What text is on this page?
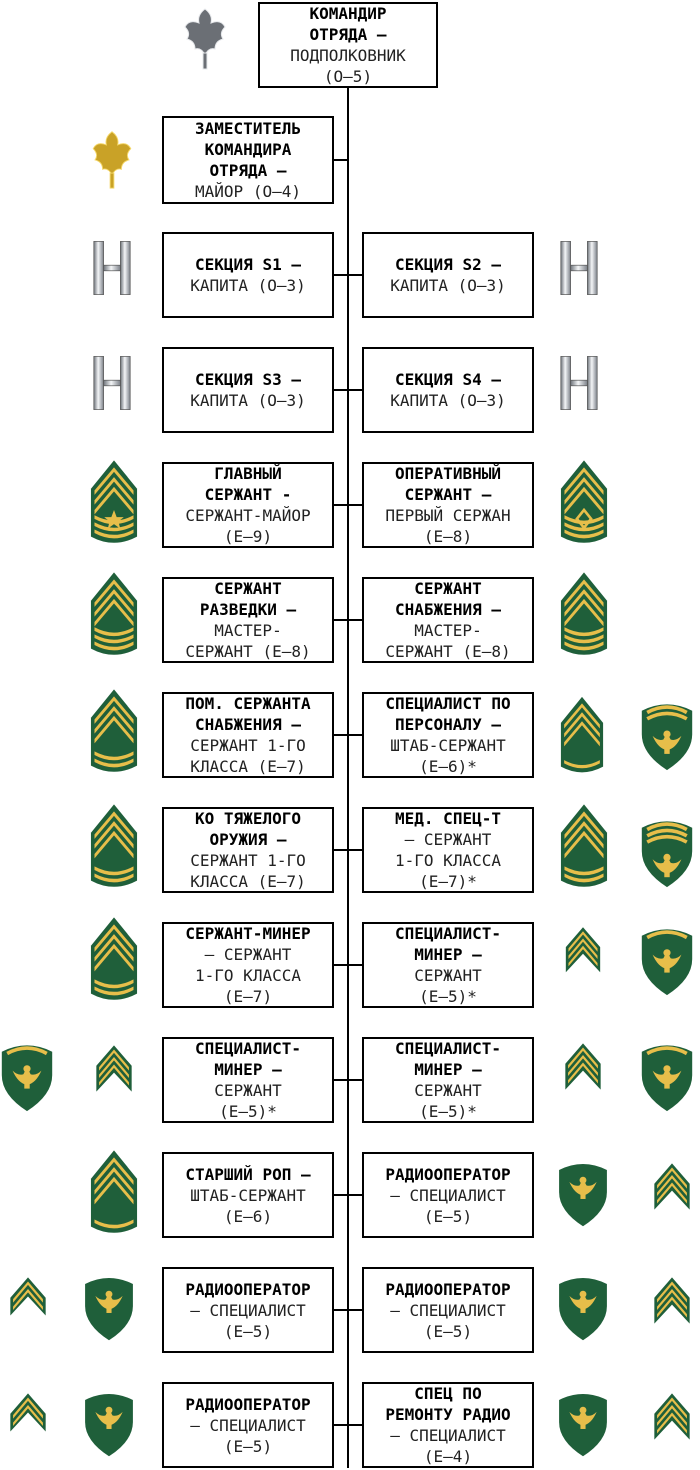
КОМАНДИР
ОТРЯДА —
ПОДПОЛКОВНИК
(О—5)
ЗАМЕСТИТЕЛЬ
КОМАНДИРА
ОТРЯДА —
МАЙОР (О—4)
СЕКЦИЯ S1 —
КАПИТА (О—3)
СЕКЦИЯ S2 —
КАПИТА (О—3)
СЕКЦИЯ S3 —
КАПИТА (О—3)
СЕКЦИЯ S4 —
КАПИТА (О—3)
ГЛАВНЫЙ
СЕРЖАНТ -
СЕРЖАНТ-МАЙОР
(Е—9)
ОПЕРАТИВНЫЙ
СЕРЖАНТ —
ПЕРВЫЙ СЕРЖАН
(Е—8)
СЕРЖАНТ
РАЗВЕДКИ —
МАСТЕР-
СЕРЖАНТ (Е—8)
СЕРЖАНТ
СНАБЖЕНИЯ —
МАСТЕР-
СЕРЖАНТ (Е—8)
ПОМ. СЕРЖАНТА
СНАБЖЕНИЯ —
СЕРЖАНТ 1-ГО
КЛАССА (Е—7)
СПЕЦИАЛИСТ ПО
ПЕРСОНАЛУ —
ШТАБ-СЕРЖАНТ
(Е—6)*
КО ТЯЖЕЛОГО
ОРУЖИЯ —
СЕРЖАНТ 1-ГО
КЛАССА (Е—7)
МЕД. СПЕЦ-Т
— СЕРЖАНТ
1-ГО КЛАССА
(Е—7)*
СЕРЖАНТ-МИНЕР
— СЕРЖАНТ
1-ГО КЛАССА
(Е—7)
СПЕЦИАЛИСТ-
МИНЕР —
СЕРЖАНТ
(Е—5)*
СПЕЦИАЛИСТ-
МИНЕР —
СЕРЖАНТ
(Е—5)*
СПЕЦИАЛИСТ-
МИНЕР —
СЕРЖАНТ
(Е—5)*
СТАРШИЙ РОП —
ШТАБ-СЕРЖАНТ
(Е—6)
РАДИООПЕРАТОР
— СПЕЦИАЛИСТ
(Е—5)
РАДИООПЕРАТОР
— СПЕЦИАЛИСТ
(Е—5)
РАДИООПЕРАТОР
— СПЕЦИАЛИСТ
(Е—5)
РАДИООПЕРАТОР
— СПЕЦИАЛИСТ
(Е—5)
СПЕЦ ПО
РЕМОНТУ РАДИО
— СПЕЦИАЛИСТ
(Е—4)
